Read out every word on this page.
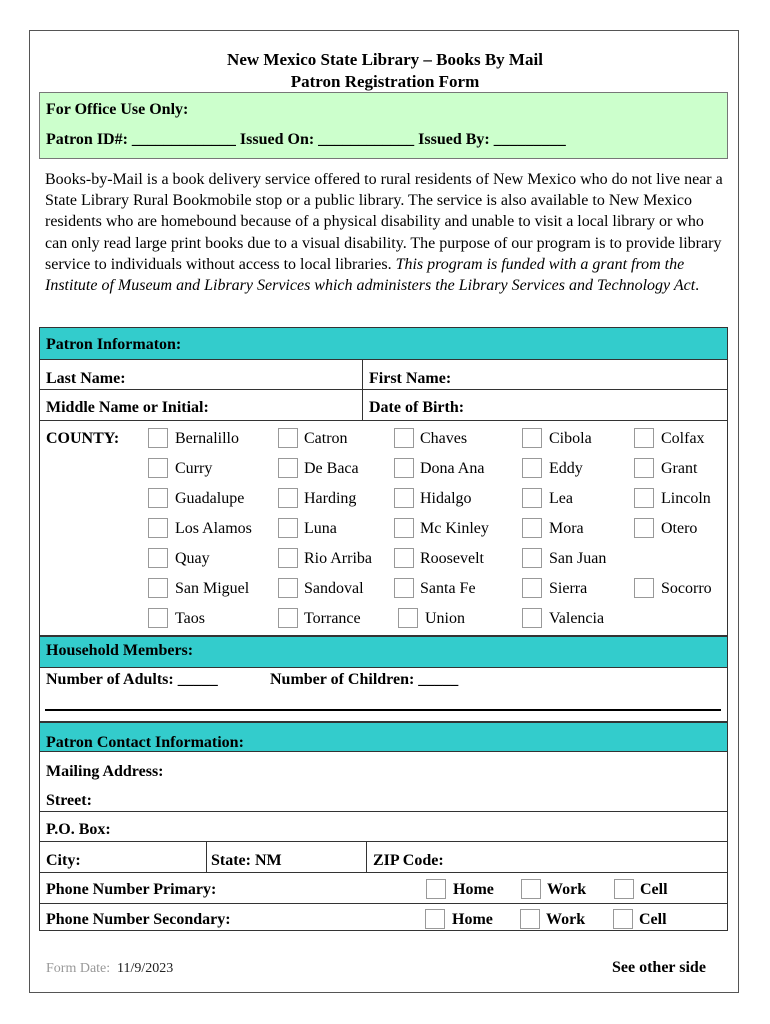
New Mexico State Library – Books By Mail
Patron Registration Form
For Office Use Only:
Patron ID#: _____________ Issued On: ____________ Issued By: _________
Books-by-Mail is a book delivery service offered to rural residents of New Mexico who do not live near a State Library Rural Bookmobile stop or a public library. The service is also available to New Mexico residents who are homebound because of a physical disability and unable to visit a local library or who can only read large print books due to a visual disability. The purpose of our program is to provide library service to individuals without access to local libraries. This program is funded with a grant from the Institute of Museum and Library Services which administers the Library Services and Technology Act.
Patron Informaton:
Last Name:	First Name:
Middle Name or Initial:	Date of Birth:
COUNTY:	Bernalillo	Catron	Chaves	Cibola	Colfax
Curry	De Baca	Dona Ana	Eddy	Grant
Guadalupe	Harding	Hidalgo	Lea	Lincoln
Los Alamos	Luna	Mc Kinley	Mora	Otero
Quay	Rio Arriba	Roosevelt	San Juan
San Miguel	Sandoval	Santa Fe	Sierra	Socorro
Taos	Torrance	Union	Valencia
Household Members:
Number of Adults: _____	Number of Children: _____
Patron Contact Information:
Mailing Address:
Street:
P.O. Box:
City:	State: NM	ZIP Code:
Phone Number Primary:	Home	Work	Cell
Phone Number Secondary:	Home	Work	Cell
Form Date: 11/9/2023	See other side
